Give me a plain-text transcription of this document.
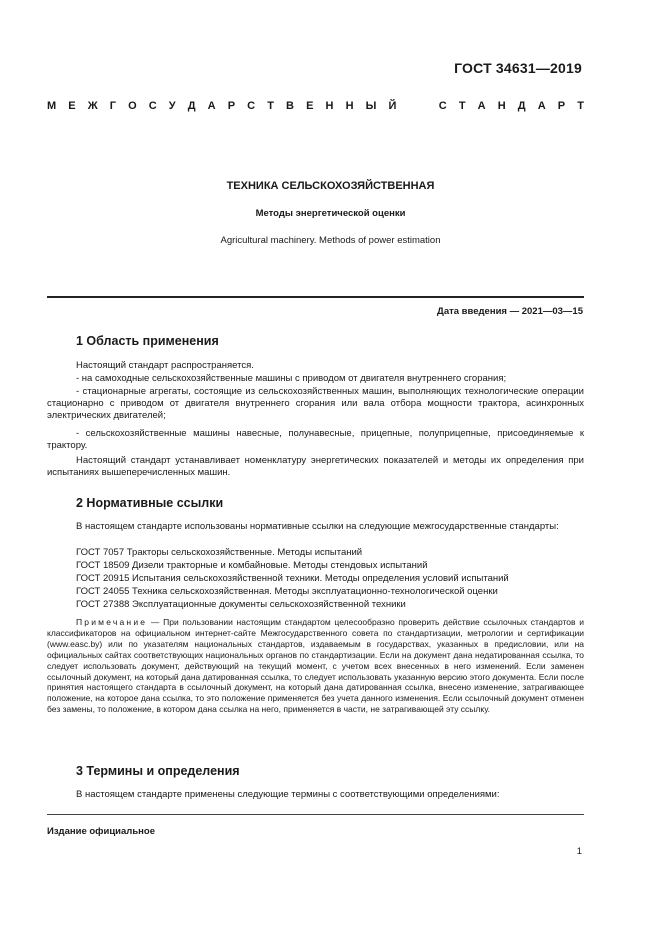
ГОСТ 34631—2019
М Е Ж Г О С У Д А Р С Т В Е Н Н Ы Й

	С Т А Н Д А Р Т
ТЕХНИКА СЕЛЬСКОХОЗЯЙСТВЕННАЯ
Методы энергетической оценки
Agricultural machinery. Methods of power estimation
Дата введения — 2021—03—15
1 Область применения
Настоящий стандарт распространяется.
- на самоходные сельскохозяйственные машины с приводом от двигателя внутреннего сгорания;
- стационарные агрегаты, состоящие из сельскохозяйственных машин, выполняющих технологические операции стационарно с приводом от двигателя внутреннего сгорания или вала отбора мощности трактора, асинхронных электрических двигателей;
- сельскохозяйственные машины навесные, полунавесные, прицепные, полуприцепные, присоединяемые к трактору.
Настоящий стандарт устанавливает номенклатуру энергетических показателей и методы их определения при испытаниях вышеперечисленных машин.
2 Нормативные ссылки
В настоящем стандарте использованы нормативные ссылки на следующие межгосударственные стандарты:
ГОСТ 7057 Тракторы сельскохозяйственные. Методы испытаний
ГОСТ 18509 Дизели тракторные и комбайновые. Методы стендовых испытаний
ГОСТ 20915 Испытания сельскохозяйственной техники. Методы определения условий испытаний
ГОСТ 24055 Техника сельскохозяйственная. Методы эксплуатационно-технологической оценки
ГОСТ 27388 Эксплуатационные документы сельскохозяйственной техники
Примечание — При пользовании настоящим стандартом целесообразно проверить действие ссылочных стандартов и классификаторов на официальном интернет-сайте Межгосударственного совета по стандартизации, метрологии и сертификации (www.easc.by) или по указателям национальных стандартов, издаваемым в государствах, указанных в предисловии, или на официальных сайтах соответствующих национальных органов по стандартизации. Если на документ дана недатированная ссылка, то следует использовать документ, действующий на текущий момент, с учетом всех внесенных в него изменений. Если заменен ссылочный документ, на который дана датированная ссылка, то следует использовать указанную версию этого документа. Если после принятия настоящего стандарта в ссылочный документ, на который дана датированная ссылка, внесено изменение, затрагивающее положение, на которое дана ссылка, то это положение применяется без учета данного изменения. Если ссылочный документ отменен без замены, то положение, в котором дана ссылка на него, применяется в части, не затрагивающей эту ссылку.
3 Термины и определения
В настоящем стандарте применены следующие термины с соответствующими определениями:
Издание официальное
1
